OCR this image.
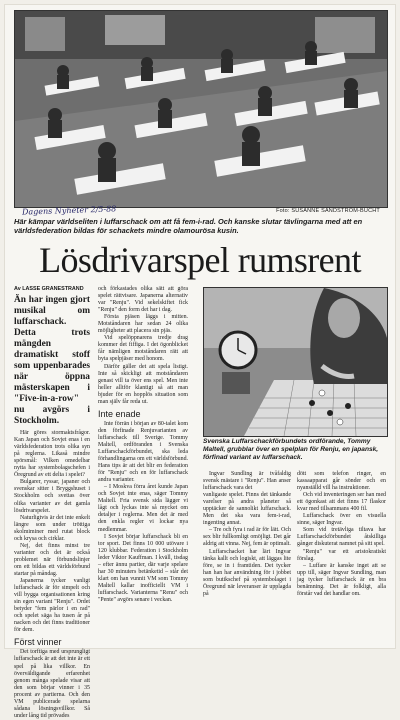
Dagens Nyheter 2/5-88	Foto: SUSANNE SANDSTRÖM-BUCHT
Här kämpar världseliten i luffarschack om att få fem-i-rad. Och kanske slutar tävlingarna med att en världsfederation bildas för schackets mindre olamourösa kusin.
Lösdrivarspel rumsrent
Av LASSE GRANESTRAND
Än har ingen gjort musikal om luffarschack. Detta trots mängden dramatiskt stoff som uppenbarades när öppna mästerskapen i "Five-in-a-row" nu avgörs i Stockholm.

Här göres stormaktsfrågor. Kan Japan och Sovjet enas i en världsfederation trots olika syn på reglerna. Likaså mindre spörsmål: Vilken omedelbar nytta har systembolagschefen i Öregrund av ett delta i spelet?

Bulgarer, ryssar, japaner och svenskar sitter i Bryggshuset i Stockholm och svettas över olika varianter av det gamla lösdrivarspelet.

Naturligtvis är det inte enkelt längre som under tröttiga skolmiminer med rutat block och krysa och cirklar.

Nej, det finns minst tre varianter och det är också problemet när förbundslinjer om ett bildas ett världsförbund startar på måndag.

Japanerna tycker vanligt luffarschack är för simpelt och vill bygga organisationen kring sin egen variant "Renju". Ordet betyder "fem pärlor i en rad" och spelet säga ha tusen år på nacken och det finns traditioner för dem.

Först vinner

Det torftiga med ursprungligt luffarschack är att det inte är ett spel på lika villkor. En överväldigande erfarenhet genom många spelade visar att den som börjar vinner i 35 procent av partierna. Och den VM publicerade spelarna sådana lösningsvillkor. Så under lång tid prövades

och förkastades olika sätt att göra spelet rättvisare. Japanerna alternativ var "Renju". Vid sekelskiftet fick "Renju" den form det har i dag.

Första pjäsen läggs i mitten. Motståndaren har sedan 24 olika möjligheter att placera sin pjäs.

Vid spelöppnarens tredje drag kommer det fiffiga. I det ögonblicket får nämligen motståndaren rätt att byta spelpjäser med honom.

Därför gäller det att spela listigt. Inte så skickligt att motståndaren genast vill ta över ens spel. Men inte heller alltför klantigt så att man bjuder för en hopplös situation som man själv får reda ut.

Inte enade

Inte förrän i början av 80-talet kom den förfinade Renjuvarianten av luffarschack till Sverige. Tommy Maltell, ordföranden i Svenska Luffarschackförbundet, ska leda förhandlingarna om ett världsförbund. Hans tips är att det blir en federation för "Renju" och en för luffarschack andra varianter.

– I Moskva förra året kunde Japan och Sovjet inte enas, säger Tommy Maltell. Fria svensk sida lägger vi lågt och lyckas inte så mycket om detaljer i reglerna. Men det är med den enkla regler vi lockar nya medlemmar.

I Sovjet börjar luffarschack bli en tor sport. Det finns 10 000 utövare i 120 klubbar. Federation i Stockholm leder Viktor Kauffman. I kväll, tisdag – efter ännu partier, där varje spelare har 30 minuters betänketid – står det klart om han vunnit VM som Tommy Maltell kallar inofficiellt VM i luffarschack. Varianterna "Renu" och "Pente" avgörs senare i veckan.

Svenska Luffarschackförbundets ordförande, Tommy Maltell, grubblar över en spelplan för Renju, en japansk, förfinad variant av luffarschack.

Ingvar Sundling är tvåfaldig svensk mästare i "Renju". Han anser luffarschack vara det

vanligaste spelet. Finns det tänkande varelser på andra planeter så upptäcker de sannolikt luffarschack. Men det ska vara fem-i-rad, ingenting annat.

– Tre och fyra i rad är för lätt. Och sex blir fullkomligt omöjligt. Det går aldrig att vinna. Nej, fem är optimalt.

Luffarschacket har lärt Ingvar tänka kallt och logiskt, att läggas lite före, se in i framtiden. Det tycker han han har användning för i jobbet som butikschef på systembolaget i Öregrund när leveranser är upplagda på

dött som telefon ringer, en kassaapparat går sönder och en nyanställd vill ha instruktioner.

Och vid inventeringen ser han med ett ögonkast att det finns 17 flaskor kvar med tillsammans 400 fil.

Luffarschack över en visuella sinne, säger Ingvar.

Som vid tretävliga tiltava har Luffarschackförbundet åtskilliga gånger diskuterat namnet på sitt spel.

"Renju" var ett aristokratiskt förslag.

– Luffare är kanske inget att se upp till, säger Ingvar Sundling, man jag tycker luffarschack är en bra benämning. Det är folkligt, alla förstår vad det handlar om.
